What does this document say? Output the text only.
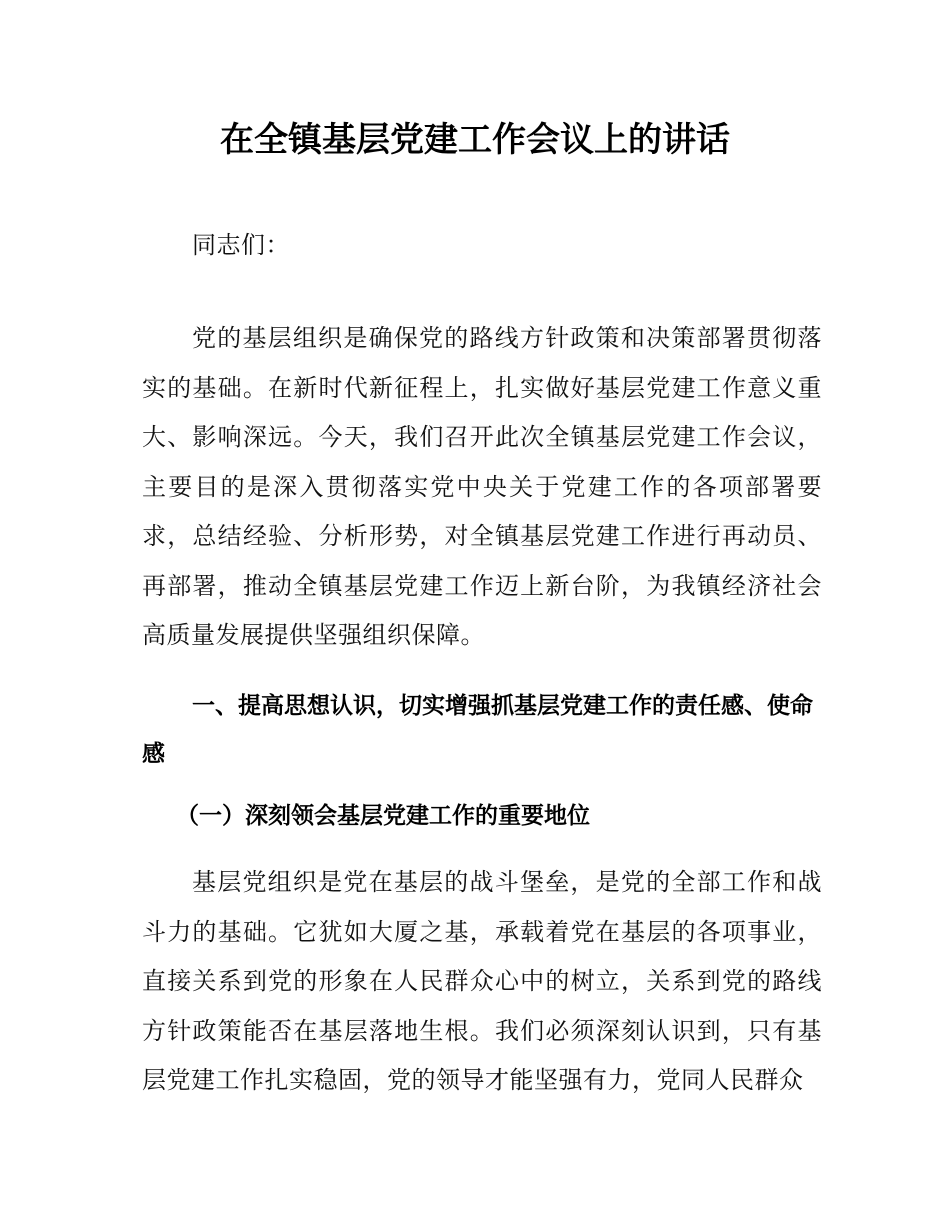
在全镇基层党建工作会议上的讲话

同志们：

党的基层组织是确保党的路线方针政策和决策部署贯彻落实的基础。在新时代新征程上，扎实做好基层党建工作意义重大、影响深远。今天，我们召开此次全镇基层党建工作会议，主要目的是深入贯彻落实党中央关于党建工作的各项部署要求，总结经验、分析形势，对全镇基层党建工作进行再动员、再部署，推动全镇基层党建工作迈上新台阶，为我镇经济社会高质量发展提供坚强组织保障。

一、提高思想认识，切实增强抓基层党建工作的责任感、使命感

（一）深刻领会基层党建工作的重要地位

基层党组织是党在基层的战斗堡垒，是党的全部工作和战斗力的基础。它犹如大厦之基，承载着党在基层的各项事业，直接关系到党的形象在人民群众心中的树立，关系到党的路线方针政策能否在基层落地生根。我们必须深刻认识到，只有基层党建工作扎实稳固，党的领导才能坚强有力，党同人民群众
